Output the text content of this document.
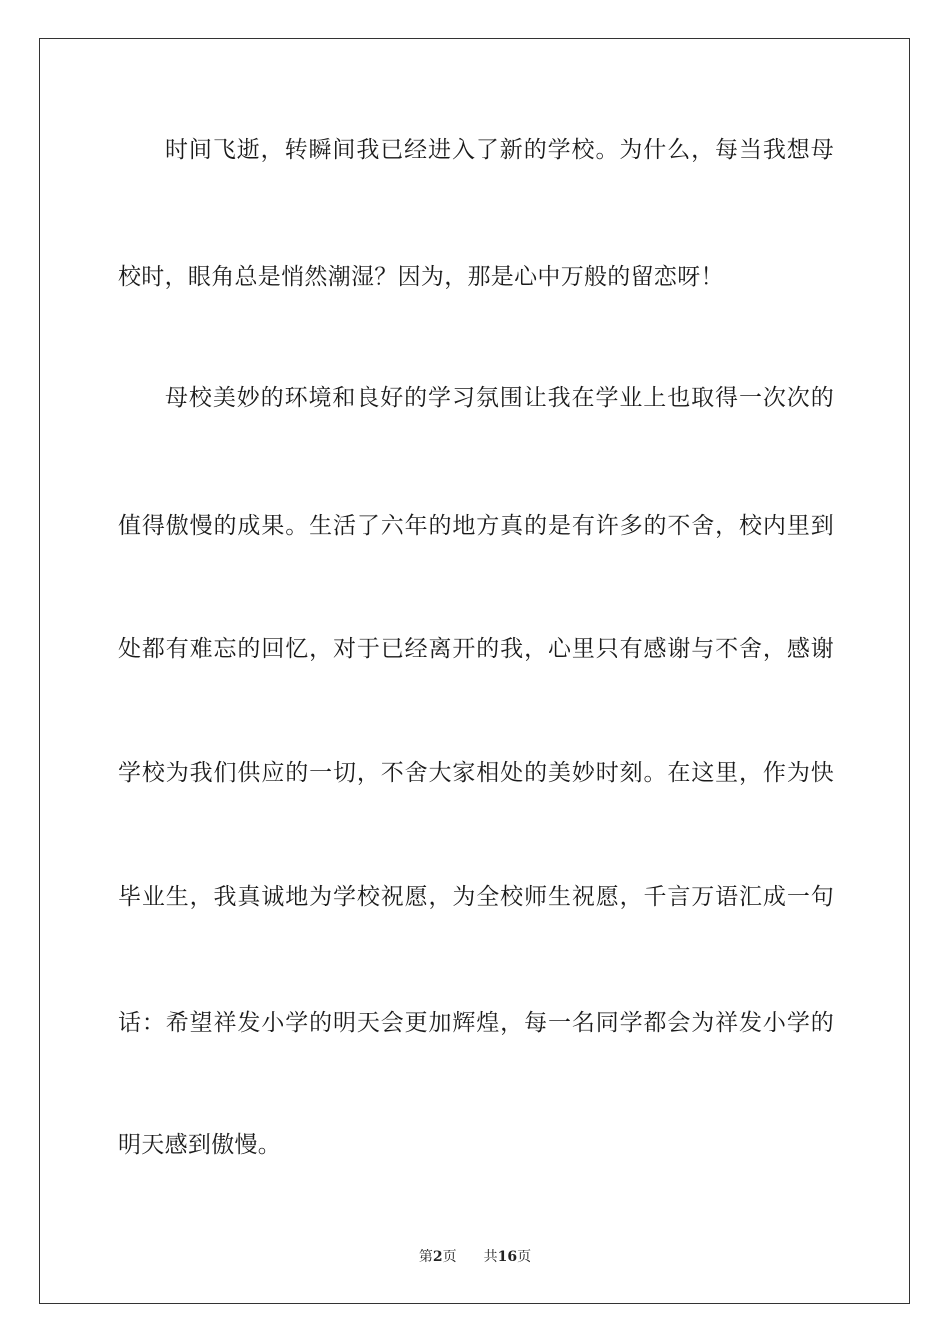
时间飞逝，转瞬间我已经进入了新的学校。为什么，每当我想母

校时，眼角总是悄然潮湿？因为，那是心中万般的留恋呀！

母校美妙的环境和良好的学习氛围让我在学业上也取得一次次的

值得傲慢的成果。生活了六年的地方真的是有许多的不舍，校内里到

处都有难忘的回忆，对于已经离开的我，心里只有感谢与不舍，感谢

学校为我们供应的一切，不舍大家相处的美妙时刻。在这里，作为快

毕业生，我真诚地为学校祝愿，为全校师生祝愿，千言万语汇成一句

话：希望祥发小学的明天会更加辉煌，每一名同学都会为祥发小学的

明天感到傲慢。

第2页 共16页
